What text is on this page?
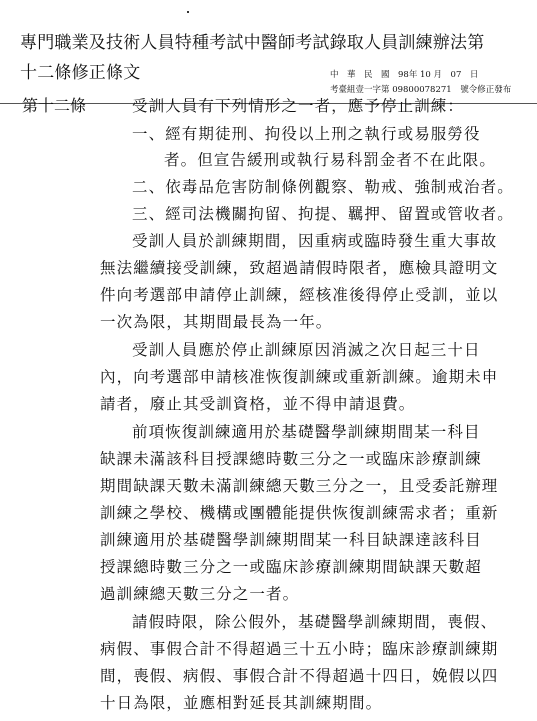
專門職業及技術人員特種考試中醫師考試錄取人員訓練辦法第
十二條修正條文	中　華　民　國　98年 10 月　07　日
考臺組壹一字第 09800078271　號令修正發布
第十二條	受訓人員有下列情形之一者，應予停止訓練：
一、經有期徒刑、拘役以上刑之執行或易服勞役
者。但宣告緩刑或執行易科罰金者不在此限。
二、依毒品危害防制條例觀察、勒戒、強制戒治者。
三、經司法機關拘留、拘提、羈押、留置或管收者。
受訓人員於訓練期間，因重病或臨時發生重大事故
無法繼續接受訓練，致超過請假時限者，應檢具證明文
件向考選部申請停止訓練，經核准後得停止受訓，並以
一次為限，其期間最長為一年。
受訓人員應於停止訓練原因消滅之次日起三十日
內，向考選部申請核准恢復訓練或重新訓練。逾期未申
請者，廢止其受訓資格，並不得申請退費。
前項恢復訓練適用於基礎醫學訓練期間某一科目
缺課未滿該科目授課總時數三分之一或臨床診療訓練
期間缺課天數未滿訓練總天數三分之一，且受委託辦理
訓練之學校、機構或團體能提供恢復訓練需求者；重新
訓練適用於基礎醫學訓練期間某一科目缺課達該科目
授課總時數三分之一或臨床診療訓練期間缺課天數超
過訓練總天數三分之一者。
請假時限，除公假外，基礎醫學訓練期間，喪假、
病假、事假合計不得超過三十五小時；臨床診療訓練期
間，喪假、病假、事假合計不得超過十四日，娩假以四
十日為限，並應相對延長其訓練期間。
